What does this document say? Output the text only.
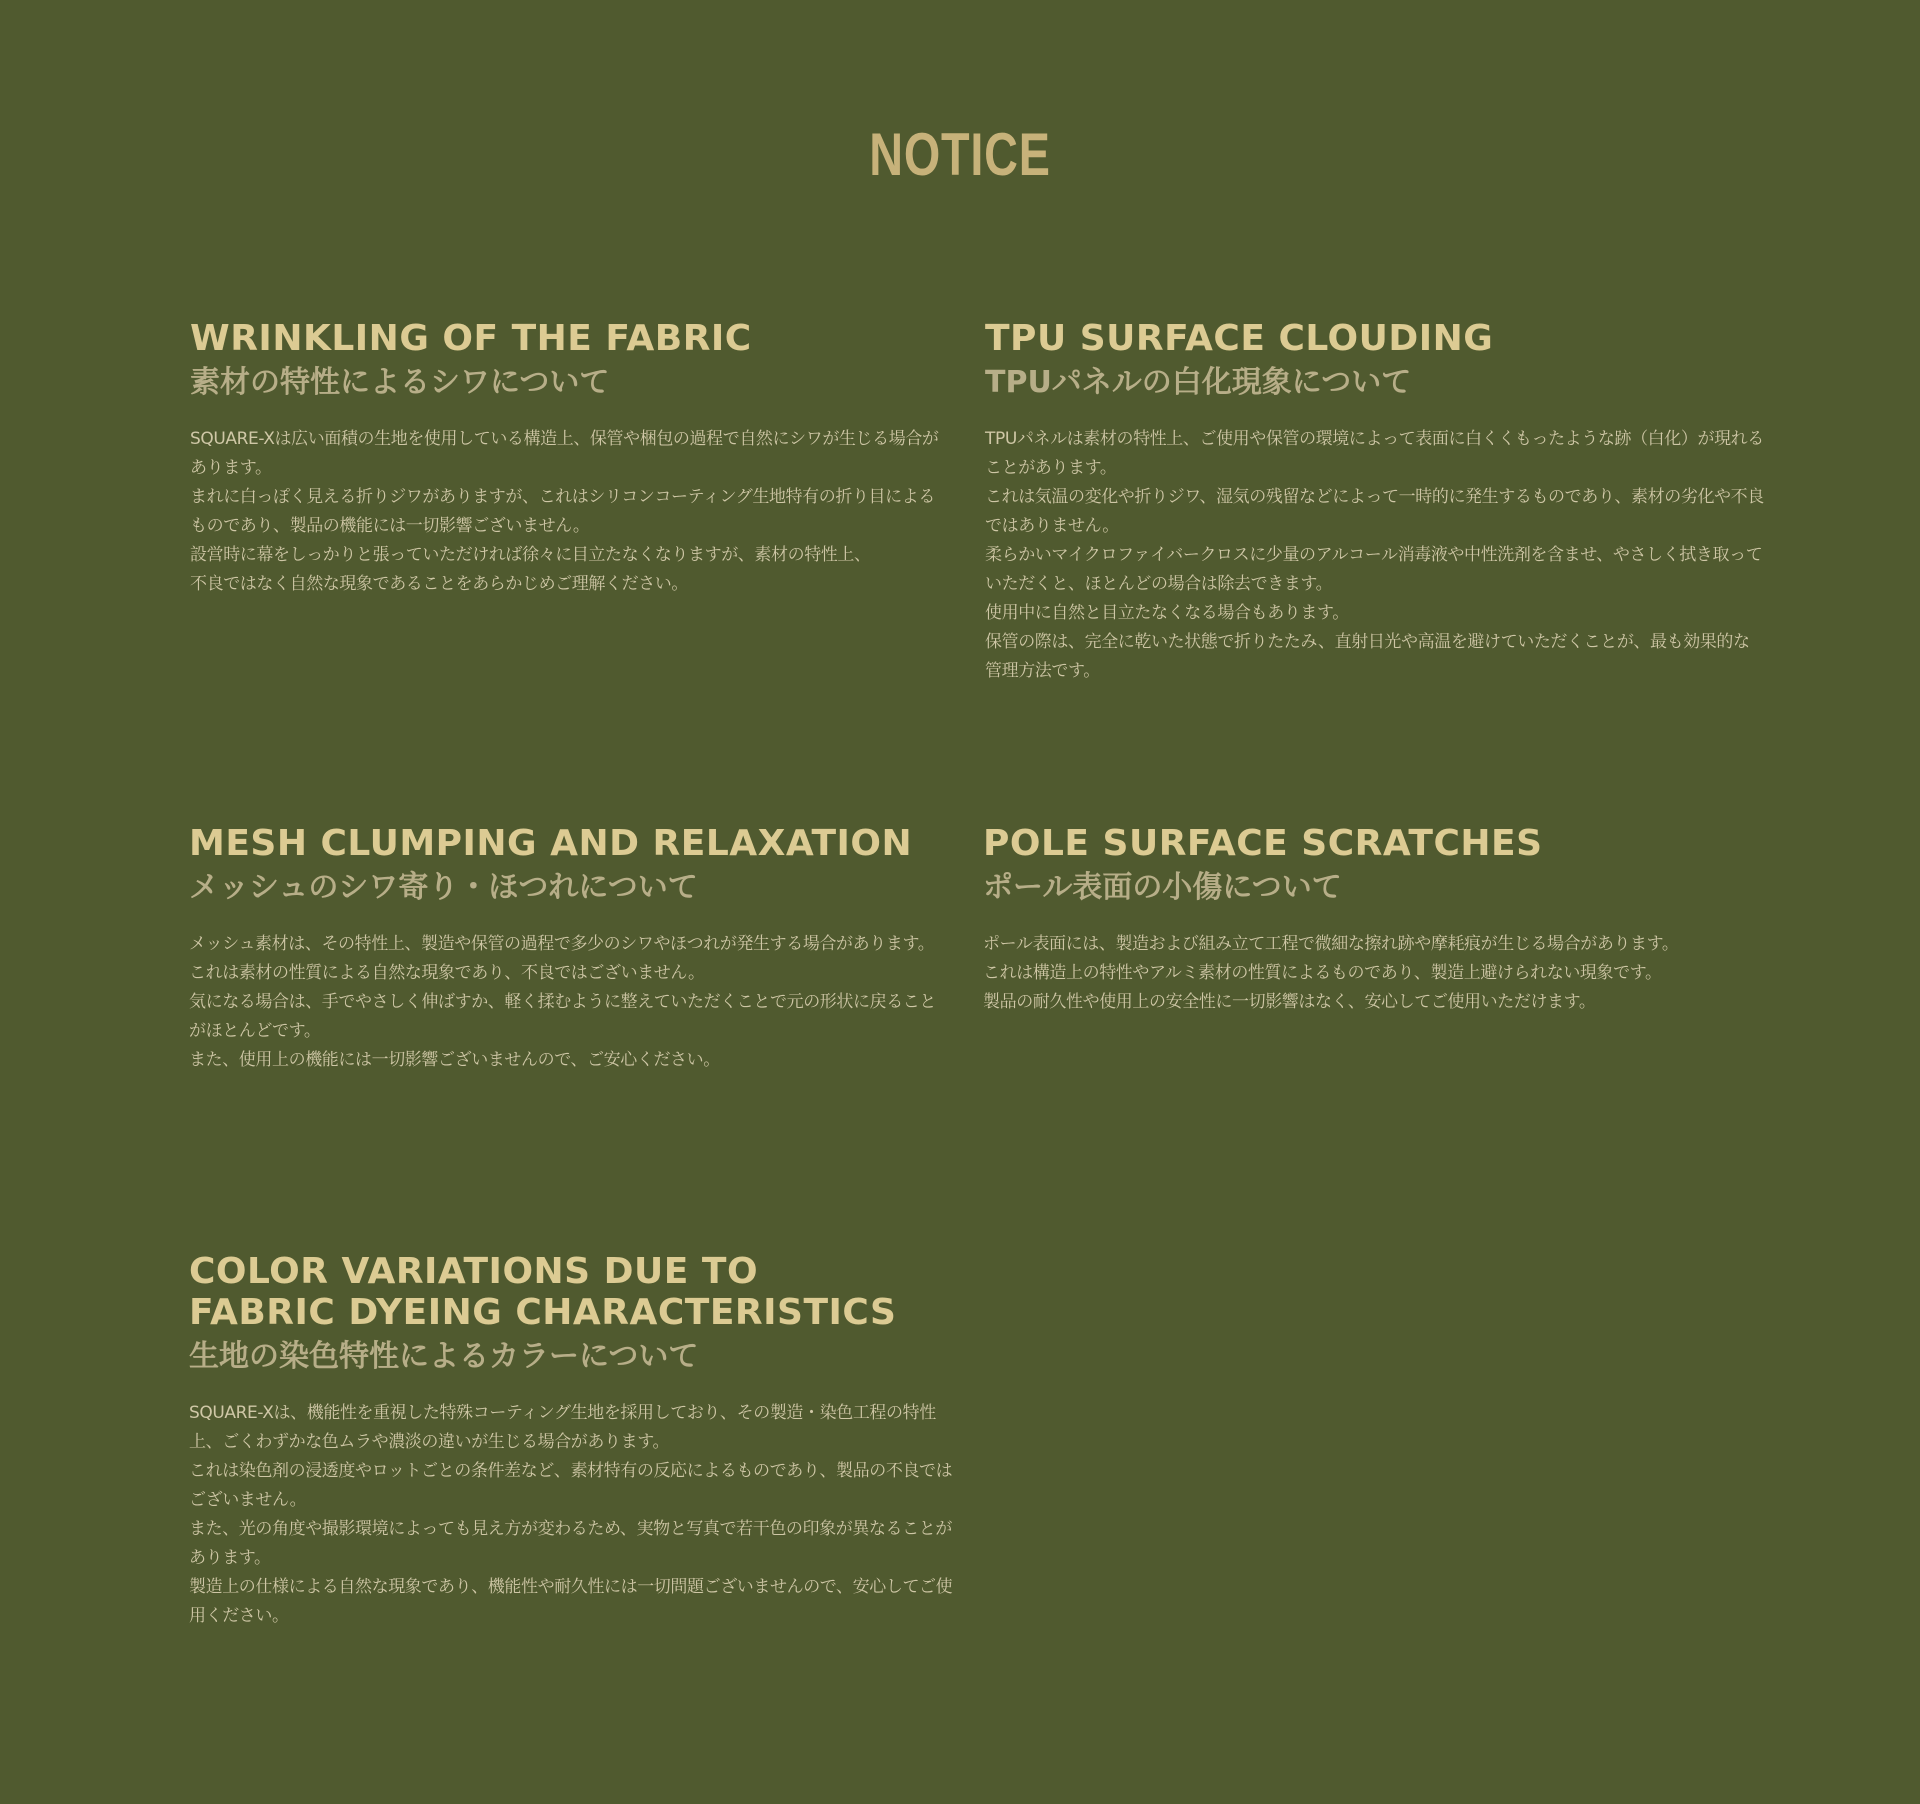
NOTICE
WRINKLING OF THE FABRIC
素材の特性によるシワについて

SQUARE-Xは広い面積の生地を使用している構造上、保管や梱包の過程で自然にシワが生じる場合があります。
まれに白っぽく見える折りジワがありますが、これはシリコンコーティング生地特有の折り目によるものであり、製品の機能には一切影響ございません。
設営時に幕をしっかりと張っていただければ徐々に目立たなくなりますが、素材の特性上、
不良ではなく自然な現象であることをあらかじめご理解ください。

TPU SURFACE CLOUDING
TPUパネルの白化現象について

TPUパネルは素材の特性上、ご使用や保管の環境によって表面に白くくもったような跡（白化）が現れることがあります。
これは気温の変化や折りジワ、湿気の残留などによって一時的に発生するものであり、素材の劣化や不良ではありません。
柔らかいマイクロファイバークロスに少量のアルコール消毒液や中性洗剤を含ませ、やさしく拭き取っていただくと、ほとんどの場合は除去できます。
使用中に自然と目立たなくなる場合もあります。
保管の際は、完全に乾いた状態で折りたたみ、直射日光や高温を避けていただくことが、最も効果的な管理方法です。

MESH CLUMPING AND RELAXATION
メッシュのシワ寄り・ほつれについて

メッシュ素材は、その特性上、製造や保管の過程で多少のシワやほつれが発生する場合があります。
これは素材の性質による自然な現象であり、不良ではございません。
気になる場合は、手でやさしく伸ばすか、軽く揉むように整えていただくことで元の形状に戻ることがほとんどです。
また、使用上の機能には一切影響ございませんので、ご安心ください。

POLE SURFACE SCRATCHES
ポール表面の小傷について

ポール表面には、製造および組み立て工程で微細な擦れ跡や摩耗痕が生じる場合があります。
これは構造上の特性やアルミ素材の性質によるものであり、製造上避けられない現象です。
製品の耐久性や使用上の安全性に一切影響はなく、安心してご使用いただけます。

COLOR VARIATIONS DUE TO
FABRIC DYEING CHARACTERISTICS
生地の染色特性によるカラーについて

SQUARE-Xは、機能性を重視した特殊コーティング生地を採用しており、その製造・染色工程の特性上、ごくわずかな色ムラや濃淡の違いが生じる場合があります。
これは染色剤の浸透度やロットごとの条件差など、素材特有の反応によるものであり、製品の不良ではございません。
また、光の角度や撮影環境によっても見え方が変わるため、実物と写真で若干色の印象が異なることがあります。
製造上の仕様による自然な現象であり、機能性や耐久性には一切問題ございませんので、安心してご使用ください。
